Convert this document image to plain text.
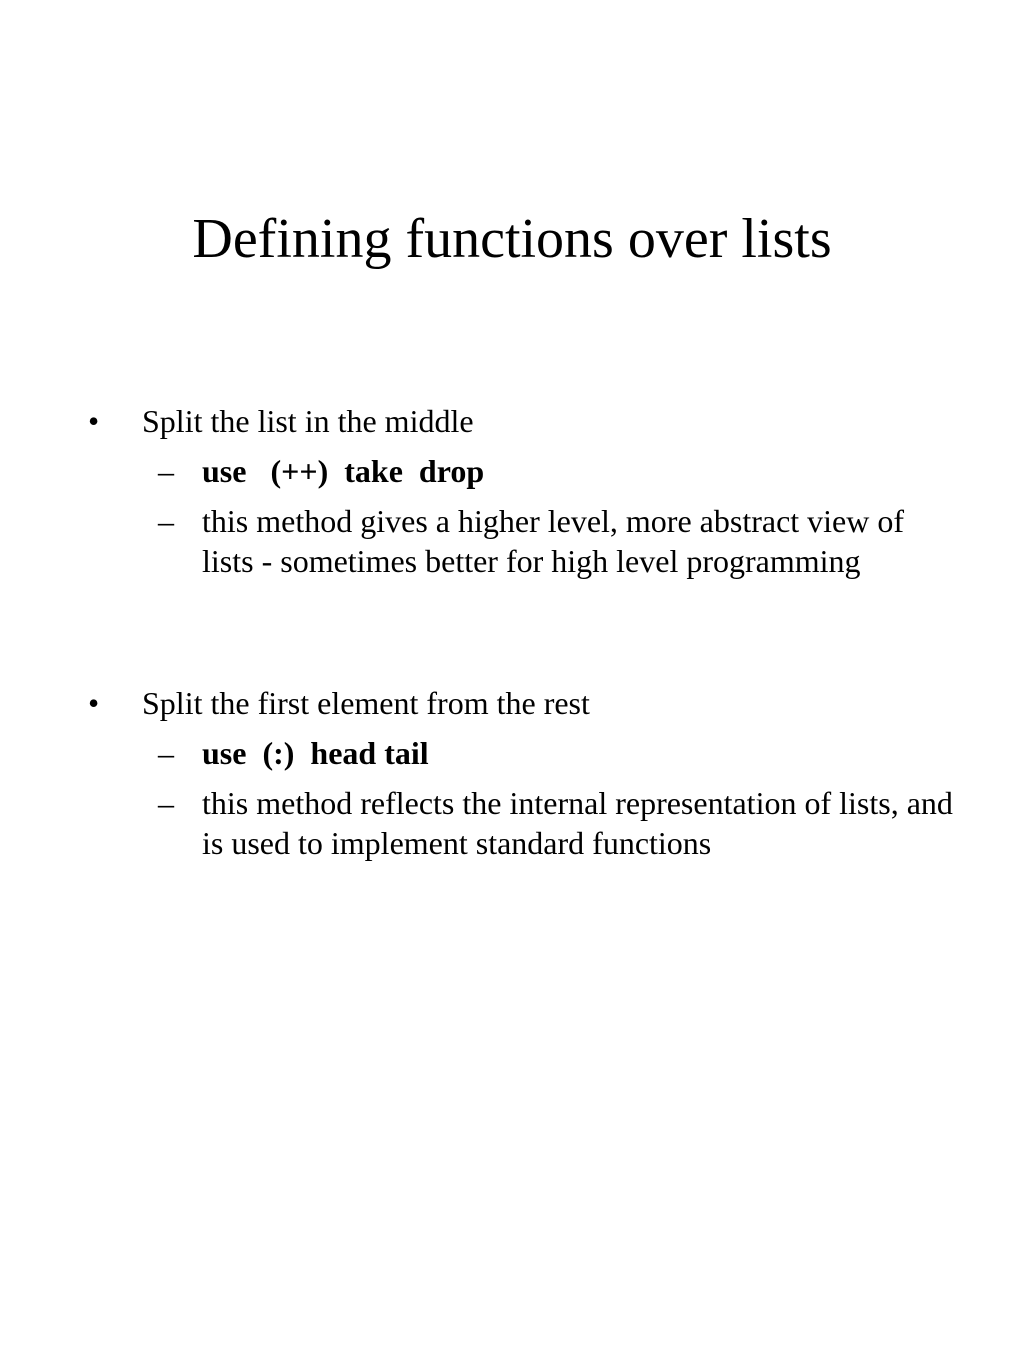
Defining functions over lists
• Split the list in the middle
– use   (++)  take  drop
– this method gives a higher level, more abstract view of lists - sometimes better for high level programming
• Split the first element from the rest
– use  (:)  head tail
– this method reflects the internal representation of lists, and is used to implement standard functions
